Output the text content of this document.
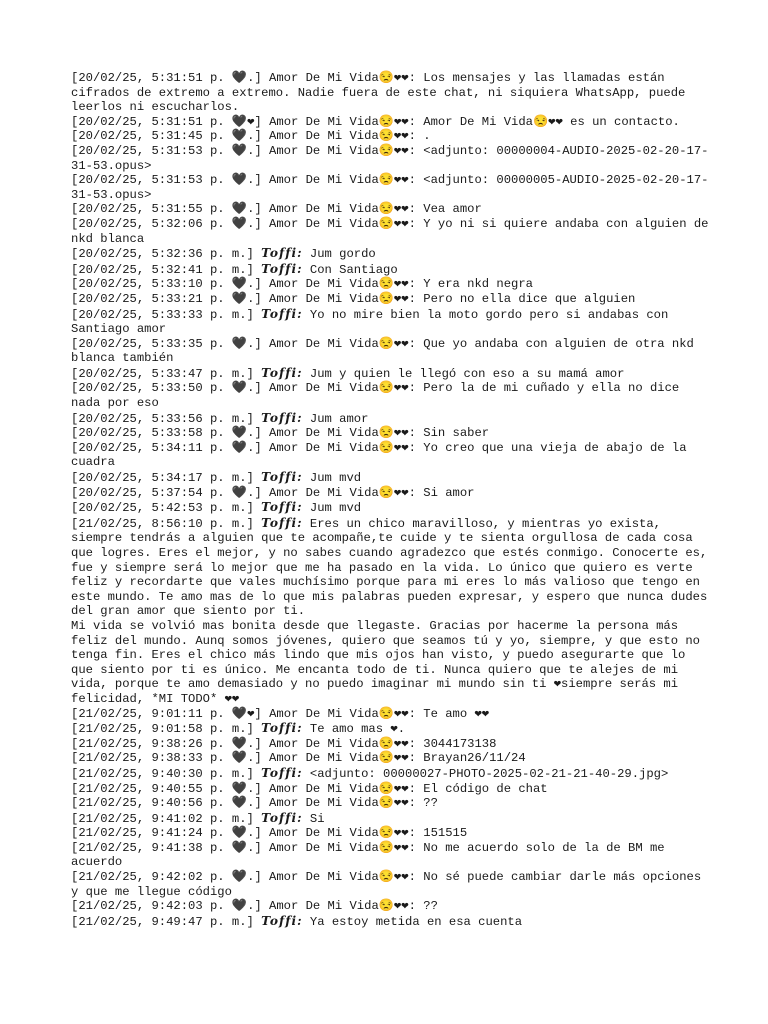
[20/02/25, 5:31:51 p. 🖤.] Amor De Mi Vida😒❤❤: Los mensajes y las llamadas están cifrados de extremo a extremo. Nadie fuera de este chat, ni siquiera WhatsApp, puede leerlos ni escucharlos.
[20/02/25, 5:31:51 p. 🖤❤] Amor De Mi Vida😒❤❤: Amor De Mi Vida😒❤❤ es un contacto.
[20/02/25, 5:31:45 p. 🖤.] Amor De Mi Vida😒❤❤: .
[20/02/25, 5:31:53 p. 🖤.] Amor De Mi Vida😒❤❤: <adjunto: 00000004-AUDIO-2025-02-20-17-31-53.opus>
[20/02/25, 5:31:53 p. 🖤.] Amor De Mi Vida😒❤❤: <adjunto: 00000005-AUDIO-2025-02-20-17-31-53.opus>
[20/02/25, 5:31:55 p. 🖤.] Amor De Mi Vida😒❤❤: Vea amor
[20/02/25, 5:32:06 p. 🖤.] Amor De Mi Vida😒❤❤: Y yo ni si quiere andaba con alguien de nkd blanca
[20/02/25, 5:32:36 p. m.] Toffi: Jum gordo
[20/02/25, 5:32:41 p. m.] Toffi: Con Santiago
[20/02/25, 5:33:10 p. 🖤.] Amor De Mi Vida😒❤❤: Y era nkd negra
[20/02/25, 5:33:21 p. 🖤.] Amor De Mi Vida😒❤❤: Pero no ella dice que alguien
[20/02/25, 5:33:33 p. m.] Toffi: Yo no mire bien la moto gordo pero si andabas con Santiago amor
[20/02/25, 5:33:35 p. 🖤.] Amor De Mi Vida😒❤❤: Que yo andaba con alguien de otra nkd blanca también
[20/02/25, 5:33:47 p. m.] Toffi: Jum y quien le llegó con eso a su mamá amor
[20/02/25, 5:33:50 p. 🖤.] Amor De Mi Vida😒❤❤: Pero la de mi cuñado y ella no dice nada por eso
[20/02/25, 5:33:56 p. m.] Toffi: Jum amor
[20/02/25, 5:33:58 p. 🖤.] Amor De Mi Vida😒❤❤: Sin saber
[20/02/25, 5:34:11 p. 🖤.] Amor De Mi Vida😒❤❤: Yo creo que una vieja de abajo de la cuadra
[20/02/25, 5:34:17 p. m.] Toffi: Jum mvd
[20/02/25, 5:37:54 p. 🖤.] Amor De Mi Vida😒❤❤: Si amor
[20/02/25, 5:42:53 p. m.] Toffi: Jum mvd
[21/02/25, 8:56:10 p. m.] Toffi: Eres un chico maravilloso, y mientras yo exista, siempre tendrás a alguien que te acompañe,te cuide y te sienta orgullosa de cada cosa que logres. Eres el mejor, y no sabes cuando agradezco que estés conmigo. Conocerte es, fue y siempre será lo mejor que me ha pasado en la vida. Lo único que quiero es verte feliz y recordarte que vales muchísimo porque para mi eres lo más valioso que tengo en este mundo. Te amo mas de lo que mis palabras pueden expresar, y espero que nunca dudes del gran amor que siento por ti.
Mi vida se volvió mas bonita desde que llegaste. Gracias por hacerme la persona más feliz del mundo. Aunq somos jóvenes, quiero que seamos tú y yo, siempre, y que esto no tenga fin. Eres el chico más lindo que mis ojos han visto, y puedo asegurarte que lo que siento por ti es único. Me encanta todo de ti. Nunca quiero que te alejes de mi vida, porque te amo demasiado y no puedo imaginar mi mundo sin ti ❤siempre serás mi felicidad, *MI TODO* ❤❤
[21/02/25, 9:01:11 p. 🖤❤] Amor De Mi Vida😒❤❤: Te amo ❤❤
[21/02/25, 9:01:58 p. m.] Toffi: Te amo mas ❤.
[21/02/25, 9:38:26 p. 🖤.] Amor De Mi Vida😒❤❤: 3044173138
[21/02/25, 9:38:33 p. 🖤.] Amor De Mi Vida😒❤❤: Brayan26/11/24
[21/02/25, 9:40:30 p. m.] Toffi: <adjunto: 00000027-PHOTO-2025-02-21-21-40-29.jpg>
[21/02/25, 9:40:55 p. 🖤.] Amor De Mi Vida😒❤❤: El código de chat
[21/02/25, 9:40:56 p. 🖤.] Amor De Mi Vida😒❤❤: ??
[21/02/25, 9:41:02 p. m.] Toffi: Si
[21/02/25, 9:41:24 p. 🖤.] Amor De Mi Vida😒❤❤: 151515
[21/02/25, 9:41:38 p. 🖤.] Amor De Mi Vida😒❤❤: No me acuerdo solo de la de BM me acuerdo
[21/02/25, 9:42:02 p. 🖤.] Amor De Mi Vida😒❤❤: No sé puede cambiar darle más opciones y que me llegue código
[21/02/25, 9:42:03 p. 🖤.] Amor De Mi Vida😒❤❤: ??
[21/02/25, 9:49:47 p. m.] Toffi: Ya estoy metida en esa cuenta
